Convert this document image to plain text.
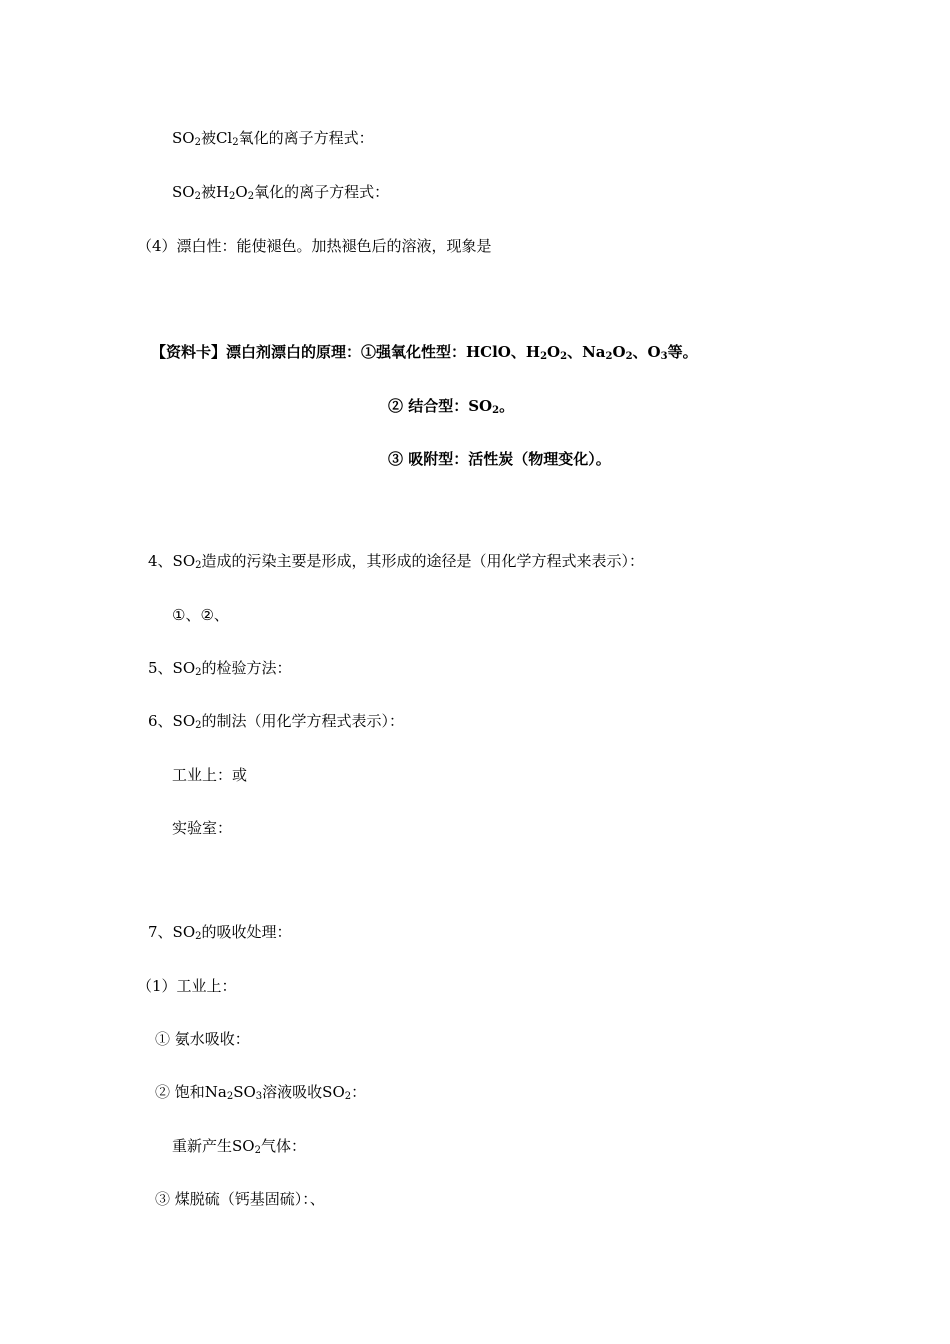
$SO_2$被$Cl_2$氧化的离子方程式：
$SO_2$被$H_2O_2$氧化的离子方程式：
（4）漂白性：能使褪色。加热褪色后的溶液，现象是
【资料卡】漂白剂漂白的原理：①强氧化性型：HClO、$H_2O_2$、$Na_2O_2$、$O_3$等。
② 结合型：$SO_2$。
③ 吸附型：活性炭（物理变化）。
4、$SO_2$造成的污染主要是形成，其形成的途径是（用化学方程式来表示）：
①、②、
5、$SO_2$的检验方法：
6、$SO_2$的制法（用化学方程式表示）：
工业上：或
实验室：
7、$SO_2$的吸收处理：
（1）工业上：
① 氨水吸收：
② 饱和$Na_2SO_3$溶液吸收$SO_2$：
重新产生$SO_2$气体：
③ 煤脱硫（钙基固硫）：、
